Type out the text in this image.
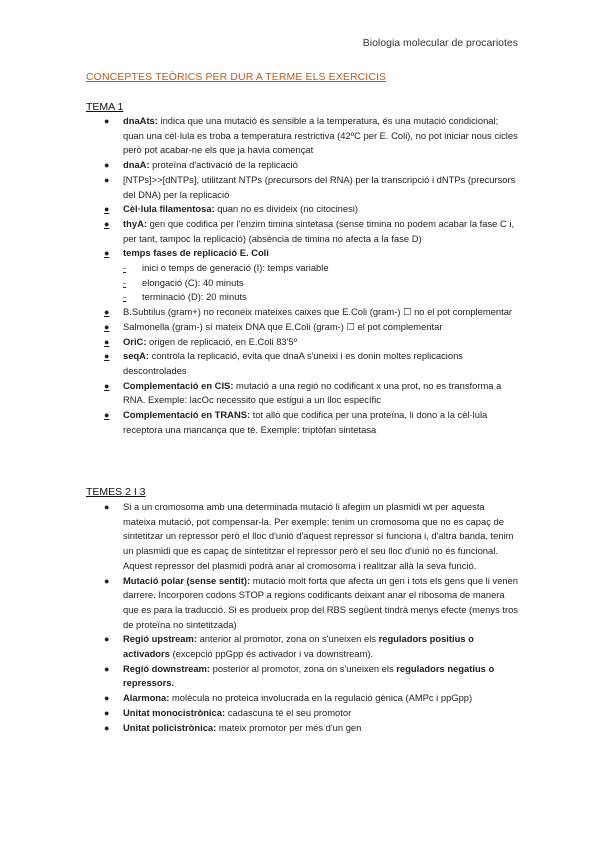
Biologia molecular de procariotes
CONCEPTES TEÒRICS PER DUR A TERME ELS EXERCICIS
TEMA 1
● dnaAts: indica que una mutació és sensible a la temperatura, és una mutació condicional; quan una cèl·lula es troba a temperatura restrictiva (42ºC per E. Coli), no pot iniciar nous cicles però pot acabar-ne els que ja havia començat
● dnaA: proteïna d'activació de la replicació
● [NTPs]>>[dNTPs], utilitzant NTPs (precursors del RNA) per la transcripció i dNTPs (precursors del DNA) per la replicació
● Cèl·lula filamentosa: quan no es divideix (no citocinesi)
● thyA: gen que codifica per l'enzim timina sintetasa (sense timina no podem acabar la fase C i, per tant, tampoc la replicació) (absència de timina no afecta a la fase D)
● temps fases de replicació E. Coli
- inici o temps de generació (I): temps variable
- elongació (C): 40 minuts
- terminació (D): 20 minuts
● B.Subtilus (gram+) no reconeix mateixes caixes que E.Coli (gram-) ☐ no el pot complementar
● Salmonella (gram-) sí mateix DNA que E.Coli (gram-) ☐ el pot complementar
● OriC: origen de replicació, en E.Coli 83'5º
● seqA: controla la replicació, evita que dnaA s'uneixi i es donin moltes replicacions descontrolades
● Complementació en CIS: mutació a una regió no codificant x una prot, no es transforma a RNA. Exemple: lacOc necessito que estigui a un lloc específic
● Complementació en TRANS: tot allò que codifica per una proteïna, li dono a la cèl·lula receptora una mancança que té. Exemple: triptòfan sintetasa
TEMES 2 I 3
● Si a un cromosoma amb una determinada mutació li afegim un plasmidi wt per aquesta mateixa mutació, pot compensar-la. Per exemple: tenim un cromosoma que no es capaç de sintetitzar un repressor però el lloc d'unió d'aquest repressor sí funciona i, d'altra banda, tenim un plasmidi que es capaç de sintetitzar el repressor però el seu lloc d'unió no és funcional. Aquest repressor del plasmidi podrà anar al cromosoma i realitzar allà la seva funció.
● Mutació polar (sense sentit): mutació molt forta que afecta un gen i tots els gens que li venen darrere. Incorporen codons STOP a regions codificants deixant anar el ribosoma de manera que es para la traducció. Si es produeix prop del RBS següent tindrà menys efecte (menys tros de proteïna no sintetitzada)
● Regió upstream: anterior al promotor, zona on s'uneixen els reguladors positius o activadors (excepció ppGpp és activador i va downstream).
● Regió downstream: posterior al promotor, zona on s'uneixen els reguladors negatius o repressors.
● Alarmona: molècula no proteica involucrada en la regulació gènica (AMPc i ppGpp)
● Unitat monocistrònica: cadascuna té el seu promotor
● Unitat policistrònica: mateix promotor per més d'un gen
